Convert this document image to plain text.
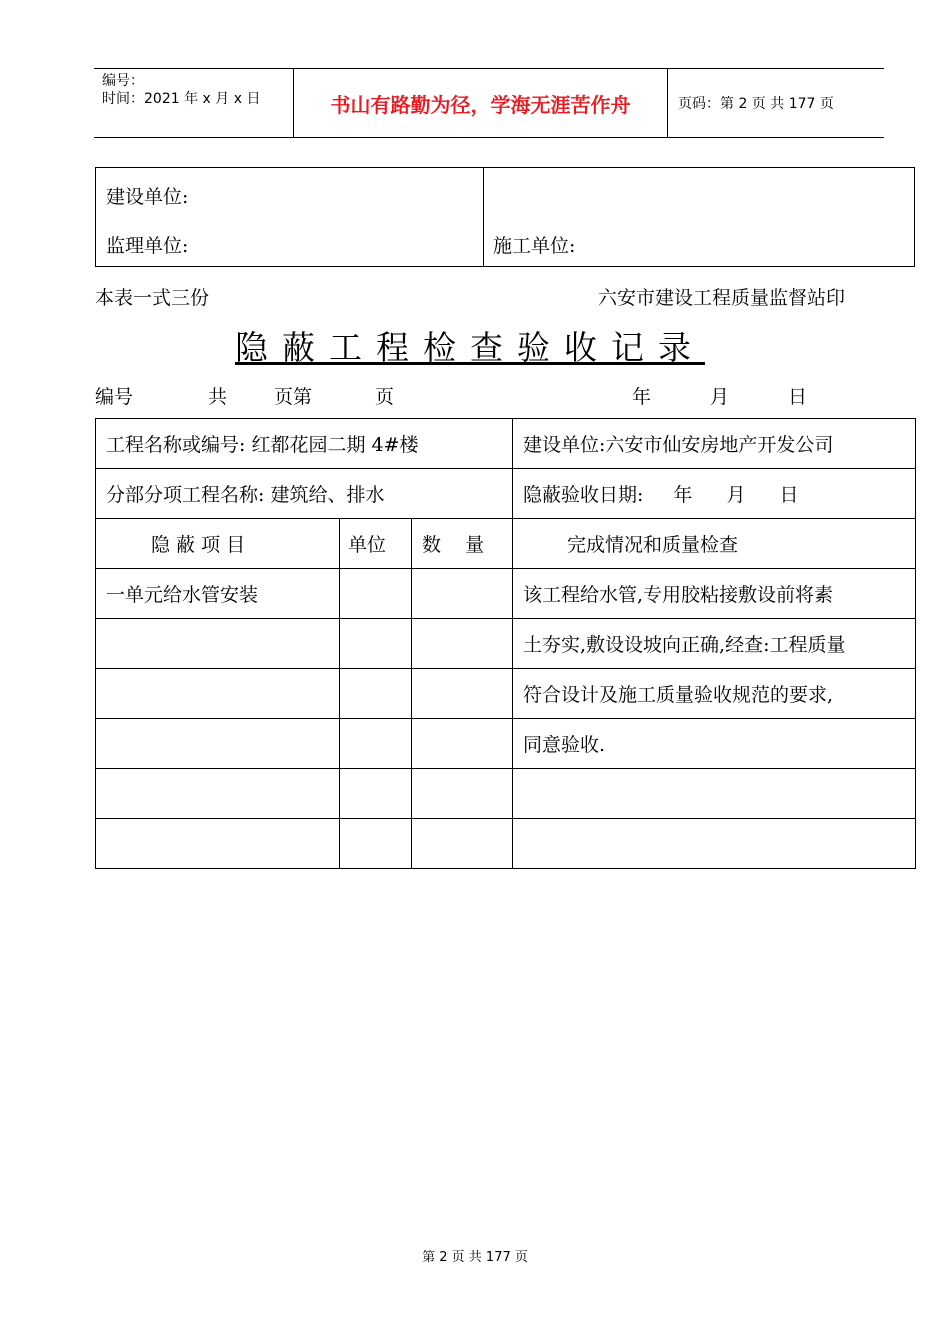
编号：
时间：2021 年 x 月 x 日	书山有路勤为径，学海无涯苦作舟	页码：第 2 页 共 177 页
建设单位:
监理单位:	施工单位:
本表一式三份	六安市建设工程质量监督站印
隐蔽工程检查验收记录
编号	共 页第	页	年	月	日
工程名称或编号: 红都花园二期 4#楼			建设单位:六安市仙安房地产开发公司
分部分项工程名称: 建筑给、排水			隐蔽验收日期: 年 月 日
隐 蔽 项 目	单位	数    量	完成情况和质量检查
一单元给水管安装			该工程给水管,专用胶粘接敷设前将素
			土夯实,敷设设坡向正确,经查:工程质量
			符合设计及施工质量验收规范的要求,
			同意验收.

第 2 页 共 177 页
